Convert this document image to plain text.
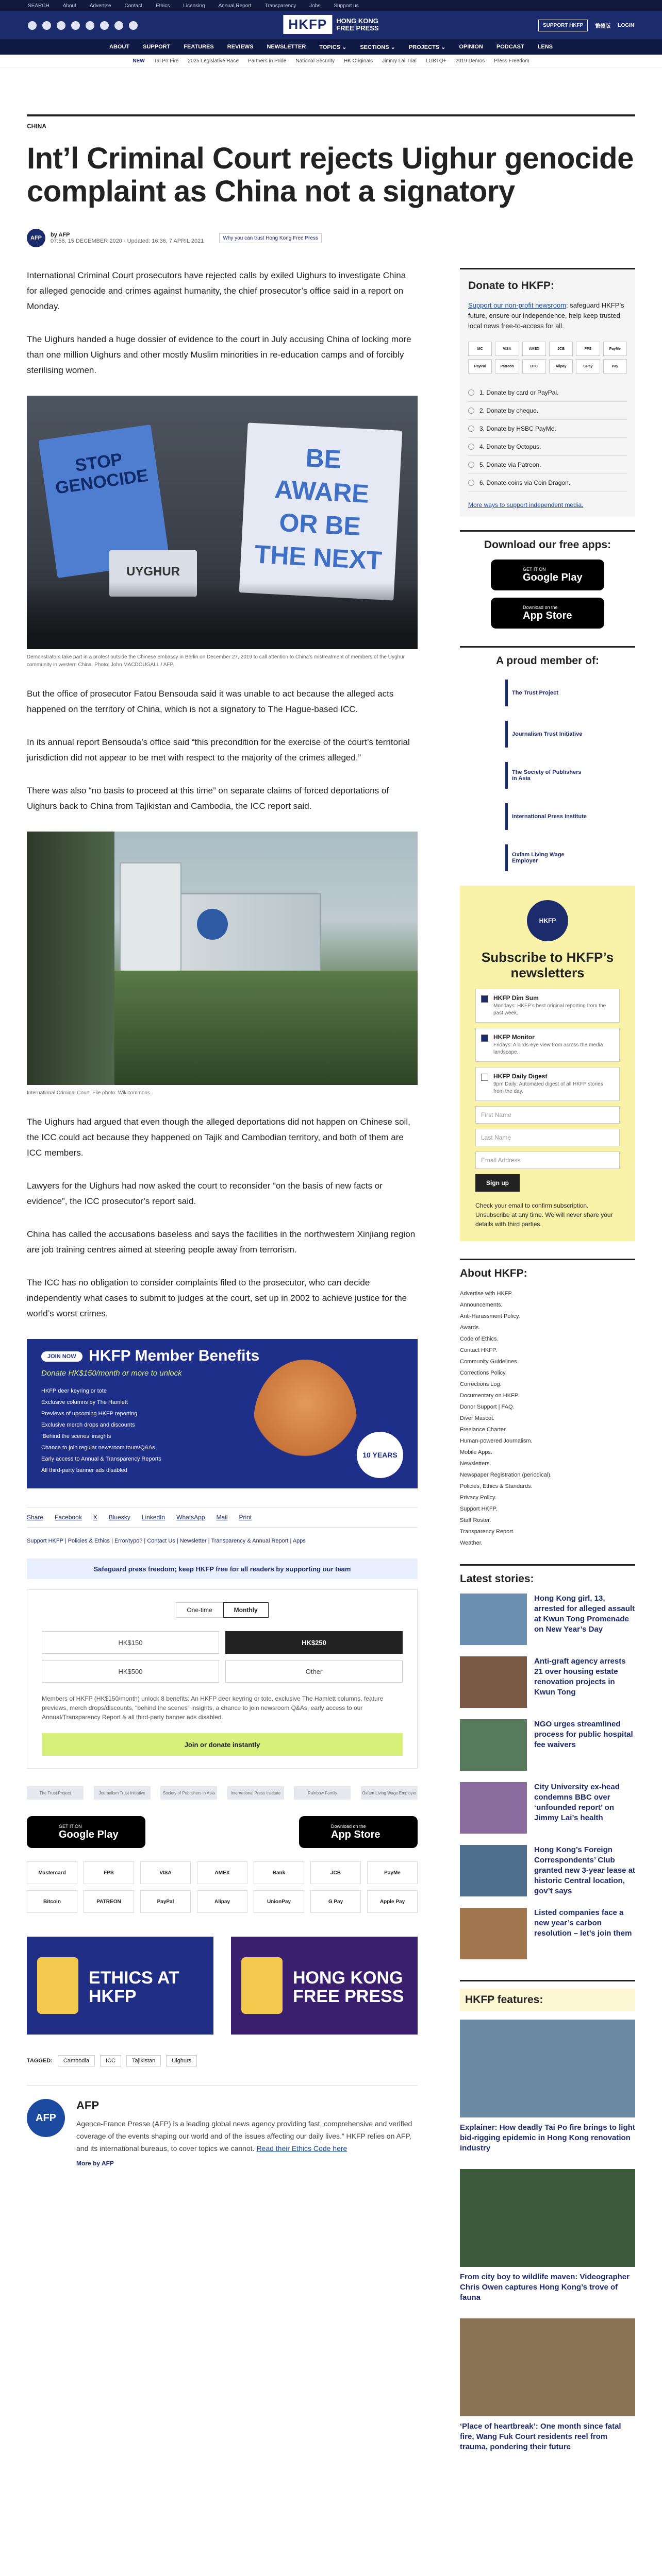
SEARCH	About	Advertise	Contact	Ethics	Licensing	Annual Report	Transparency	Jobs	Support us
HKFP	HONG KONG
FREE PRESS	SUPPORT HKFP	繁體版 LOGIN
ABOUT SUPPORT FEATURES REVIEWS NEWSLETTER TOPICS ⌄ SECTIONS ⌄ PROJECTS ⌄ OPINION PODCAST LENS
NEW Tai Po Fire 2025 Legislative Race Partners in Pride National Security HK Originals Jimmy Lai Trial LGBTQ+ 2019 Demos Press Freedom
CHINA
Int’l Criminal Court rejects Uighur genocide complaint as China not a signatory
AFP	by AFP
07:56, 15 DECEMBER 2020 · Updated: 16:36, 7 APRIL 2021	Why you can trust Hong Kong Free Press

International Criminal Court prosecutors have rejected calls by exiled Uighurs to investigate China for alleged genocide and crimes against humanity, the chief prosecutor’s office said in a report on Monday.

The Uighurs handed a huge dossier of evidence to the court in July accusing China of locking more than one million Uighurs and other mostly Muslim minorities in re-education camps and of forcibly sterilising women.

STOP GENOCIDE
UYGHUR
BE AWARE OR BE THE NEXT
Demonstrators take part in a protest outside the Chinese embassy in Berlin on December 27, 2019 to call attention to China’s mistreatment of members of the Uyghur community in western China. Photo: John MACDOUGALL / AFP.

But the office of prosecutor Fatou Bensouda said it was unable to act because the alleged acts happened on the territory of China, which is not a signatory to The Hague-based ICC.

In its annual report Bensouda’s office said “this precondition for the exercise of the court’s territorial jurisdiction did not appear to be met with respect to the majority of the crimes alleged.”

There was also “no basis to proceed at this time” on separate claims of forced deportations of Uighurs back to China from Tajikistan and Cambodia, the ICC report said.

International Criminal Court. File photo: Wikicommons.

The Uighurs had argued that even though the alleged deportations did not happen on Chinese soil, the ICC could act because they happened on Tajik and Cambodian territory, and both of them are ICC members.

Lawyers for the Uighurs had now asked the court to reconsider “on the basis of new facts or evidence”, the ICC prosecutor’s report said.

China has called the accusations baseless and says the facilities in the northwestern Xinjiang region are job training centres aimed at steering people away from terrorism.

The ICC has no obligation to consider complaints filed to the prosecutor, who can decide independently what cases to submit to judges at the court, set up in 2002 to achieve justice for the world’s worst crimes.

JOIN NOW HKFP Member Benefits
Donate HK$150/month or more to unlock
HKFP deer keyring or tote
Exclusive columns by The Hamlett
Previews of upcoming HKFP reporting
Exclusive merch drops and discounts
‘Behind the scenes’ insights
Chance to join regular newsroom tours/Q&As
Early access to Annual & Transparency Reports
All third-party banner ads disabled
10 YEARS
Share Facebook X Bluesky LinkedIn WhatsApp Mail Print
Support HKFP | Policies & Ethics | Error/typo? | Contact Us | Newsletter | Transparency & Annual Report | Apps
Safeguard press freedom; keep HKFP free for all readers by supporting our team
One-time	Monthly
HK$150	HK$250
HK$500	Other
Members of HKFP (HK$150/month) unlock 8 benefits: An HKFP deer keyring or tote, exclusive The Hamlett columns, feature previews, merch drops/discounts, “behind the scenes” insights, a chance to join newsroom Q&As, early access to our Annual/Transparency Report & all third-party banner ads disabled.
Join or donate instantly
The Trust Project	Journalism Trust Initiative	Society of Publishers in Asia	International Press Institute	Rainbow Family	Oxfam Living Wage Employer
GET IT ON
Google Play
Download on the
App Store
Mastercard	FPS	VISA	AMEX	Bank	JCB	PayMe
Bitcoin	PATREON	PayPal	Alipay	UnionPay	G Pay	Apple Pay
ETHICS AT HKFP
HONG KONG FREE PRESS
TAGGED:	Cambodia	ICC	Tajikistan	Uighurs
AFP
AFP

Agence-France Presse (AFP) is a leading global news agency providing fast, comprehensive and verified coverage of the events shaping our world and of the issues affecting our daily lives.” HKFP relies on AFP, and its international bureaus, to cover topics we cannot. Read their Ethics Code here

More by AFP
Donate to HKFP:

Support our non-profit newsroom; safeguard HKFP’s future, ensure our independence, help keep trusted local news free-to-access for all.

MC	VISA	AMEX	JCB	FPS	PayMe
PayPal	Patreon	BTC	Alipay	GPay	Pay
1. Donate by card or PayPal.
2. Donate by cheque.
3. Donate by HSBC PayMe.
4. Donate by Octopus.
5. Donate via Patreon.
6. Donate coins via Coin Dragon.
More ways to support independent media.
Download our free apps:
GET IT ON
Google Play
Download on the
App Store
A proud member of:
The Trust Project
Journalism Trust Initiative
The Society of Publishers in Asia
International Press Institute
Oxfam Living Wage Employer
HKFP
Subscribe to HKFP’s newsletters
HKFP Dim Sum
Mondays: HKFP’s best original reporting from the past week.
HKFP Monitor
Fridays: A birds-eye view from across the media landscape.
HKFP Daily Digest
9pm Daily: Automated digest of all HKFP stories from the day.
First Name
Last Name
Email Address
Sign up
Check your email to confirm subscription. Unsubscribe at any time. We will never share your details with third parties.
About HKFP:
Advertise with HKFP.
Announcements.
Anti-Harassment Policy.
Awards.
Code of Ethics.
Contact HKFP.
Community Guidelines.
Corrections Policy.
Corrections Log.
Documentary on HKFP.
Donor Support | FAQ.
Diver Mascot.
Freelance Charter.
Human-powered Journalism.
Mobile Apps.
Newsletters.
Newspaper Registration (periodical).
Policies, Ethics & Standards.
Privacy Policy.
Support HKFP.
Staff Roster.
Transparency Report.
Weather.
Latest stories:
Hong Kong girl, 13, arrested for alleged assault at Kwun Tong Promenade on New Year’s Day
Anti-graft agency arrests 21 over housing estate renovation projects in Kwun Tong
NGO urges streamlined process for public hospital fee waivers
City University ex-head condemns BBC over ‘unfounded report’ on Jimmy Lai’s health
Hong Kong’s Foreign Correspondents’ Club granted new 3-year lease at historic Central location, gov’t says
Listed companies face a new year’s carbon resolution – let’s join them
HKFP features:
Explainer: How deadly Tai Po fire brings to light bid-rigging epidemic in Hong Kong renovation industry
From city boy to wildlife maven: Videographer Chris Owen captures Hong Kong’s trove of fauna
‘Place of heartbreak’: One month since fatal fire, Wang Fuk Court residents reel from trauma, pondering their future
